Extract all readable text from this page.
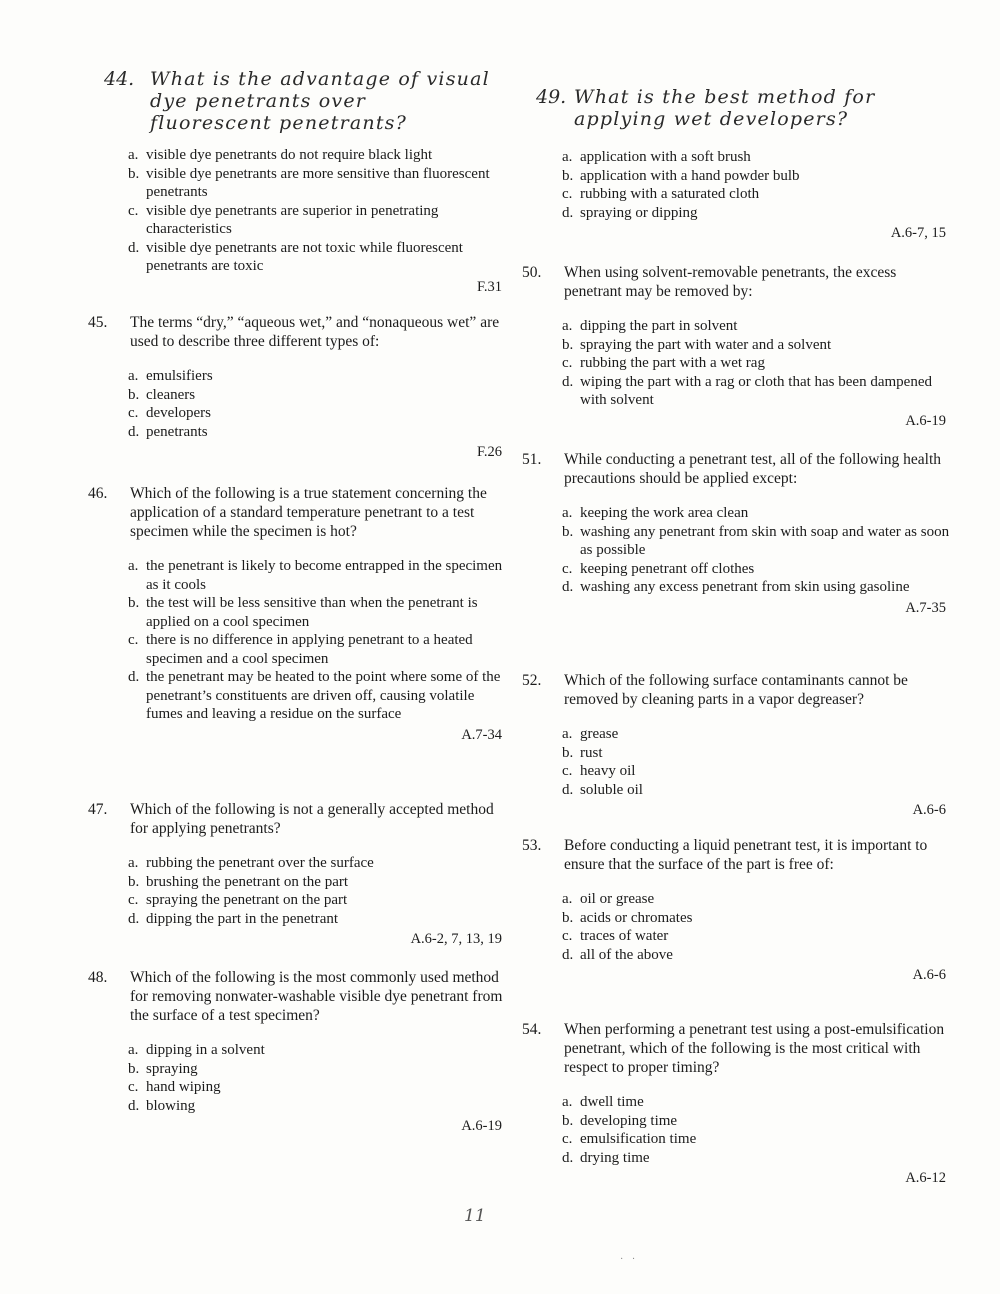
44. What is the advantage of visual dye penetrants over fluorescent penetrants?
a. visible dye penetrants do not require black light
b. visible dye penetrants are more sensitive than fluorescent penetrants
c. visible dye penetrants are superior in penetrating characteristics
d. visible dye penetrants are not toxic while fluorescent penetrants are toxic
F.31
45. The terms “dry,” “aqueous wet,” and “nonaqueous wet” are used to describe three different types of:
a. emulsifiers
b. cleaners
c. developers
d. penetrants
F.26
46. Which of the following is a true statement concerning the application of a standard temperature penetrant to a test specimen while the specimen is hot?
a. the penetrant is likely to become entrapped in the specimen as it cools
b. the test will be less sensitive than when the penetrant is applied on a cool specimen
c. there is no difference in applying penetrant to a heated specimen and a cool specimen
d. the penetrant may be heated to the point where some of the penetrant’s constituents are driven off, causing volatile fumes and leaving a residue on the surface
A.7-34
47. Which of the following is not a generally accepted method for applying penetrants?
a. rubbing the penetrant over the surface
b. brushing the penetrant on the part
c. spraying the penetrant on the part
d. dipping the part in the penetrant
A.6-2, 7, 13, 19
48. Which of the following is the most commonly used method for removing nonwater-washable visible dye penetrant from the surface of a test specimen?
a. dipping in a solvent
b. spraying
c. hand wiping
d. blowing
A.6-19
49. What is the best method for applying wet developers?
a. application with a soft brush
b. application with a hand powder bulb
c. rubbing with a saturated cloth
d. spraying or dipping
A.6-7, 15
50. When using solvent-removable penetrants, the excess penetrant may be removed by:
a. dipping the part in solvent
b. spraying the part with water and a solvent
c. rubbing the part with a wet rag
d. wiping the part with a rag or cloth that has been dampened with solvent
A.6-19
51. While conducting a penetrant test, all of the following health precautions should be applied except:
a. keeping the work area clean
b. washing any penetrant from skin with soap and water as soon as possible
c. keeping penetrant off clothes
d. washing any excess penetrant from skin using gasoline
A.7-35
52. Which of the following surface contaminants cannot be removed by cleaning parts in a vapor degreaser?
a. grease
b. rust
c. heavy oil
d. soluble oil
A.6-6
53. Before conducting a liquid penetrant test, it is important to ensure that the surface of the part is free of:
a. oil or grease
b. acids or chromates
c. traces of water
d. all of the above
A.6-6
54. When performing a penetrant test using a post-emulsification penetrant, which of the following is the most critical with respect to proper timing?
a. dwell time
b. developing time
c. emulsification time
d. drying time
A.6-12
11
· ·
